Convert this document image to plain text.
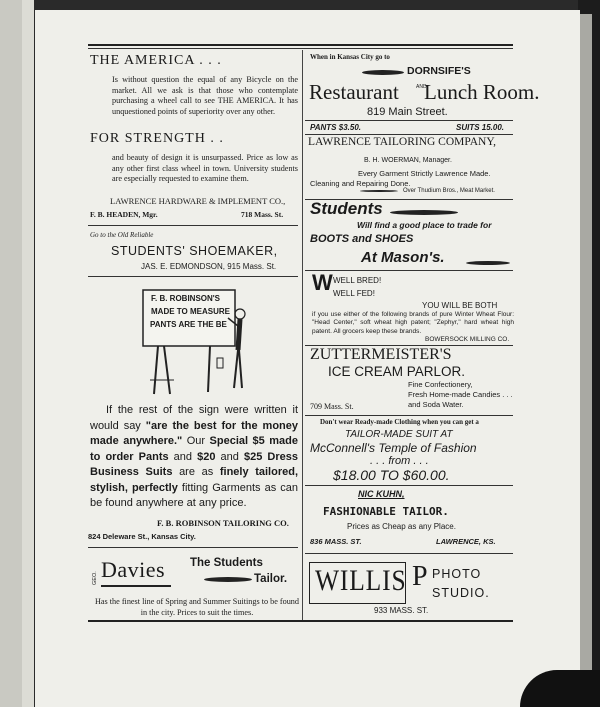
THE AMERICA . . .
Is without question the equal of any Bicycle on the market. All we ask is that those who contemplate purchasing a wheel call to see THE AMERICA. It has unquestioned points of superiority over any other.
FOR STRENGTH . .
and beauty of design it is unsurpassed. Price as low as any other first class wheel in town. University students are especially requested to examine them.
LAWRENCE HARDWARE & IMPLEMENT CO.,
F. B. HEADEN, Mgr.	718 Mass. St.
Go to the Old Reliable
STUDENTS' SHOEMAKER,
JAS. E. EDMONDSON, 915 Mass. St.
F. B. ROBINSON'S
MADE TO MEASURE
PANTS ARE THE BE
If the rest of the sign were written it would say "are the best for the money made anywhere." Our Special $5 made to order Pants and $20 and $25 Dress Business Suits are as finely tailored, stylish, perfectly fitting Garments as can be found anywhere at any price.
F. B. ROBINSON TAILORING CO.
824 Deleware St., Kansas City.
GEO. Davies The Students
Tailor.
Has the finest line of Spring and Summer Suitings to be found in the city. Prices to suit the times.
When in Kansas City go to
DORNSIFE'S
Restaurant	AND
Lunch Room.
819 Main Street.
PANTS $3.50.	SUITS 15.00.
LAWRENCE TAILORING COMPANY,
B. H. WOERMAN, Manager.
Every Garment Strictly Lawrence Made.
Cleaning and Repairing Done.
Over Thudium Bros., Meat Market.
Students
Will find a good place to trade for
BOOTS and SHOES
At Mason's.
W WELL BRED!
WELL FED!
YOU WILL BE BOTH
if you use either of the following brands of pure Winter Wheat Flour: "Head Center," soft wheat high patent; "Zephyr," hard wheat high patent. All grocers keep these brands.
BOWERSOCK MILLING CO.
ZUTTERMEISTER'S
ICE CREAM PARLOR.
Fine Confectionery,
Fresh Home-made Candies . . .
and Soda Water.
709 Mass. St.
Don't wear Ready-made Clothing when you can get a
TAILOR-MADE SUIT AT
McConnell's Temple of Fashion
. . . from . . .
$18.00 TO $60.00.
NIC KUHN,
FASHIONABLE TAILOR.
Prices as Cheap as any Place.
836 MASS. ST.	LAWRENCE, KS.
WILLIS P PHOTO
STUDIO.
933 MASS. ST.
